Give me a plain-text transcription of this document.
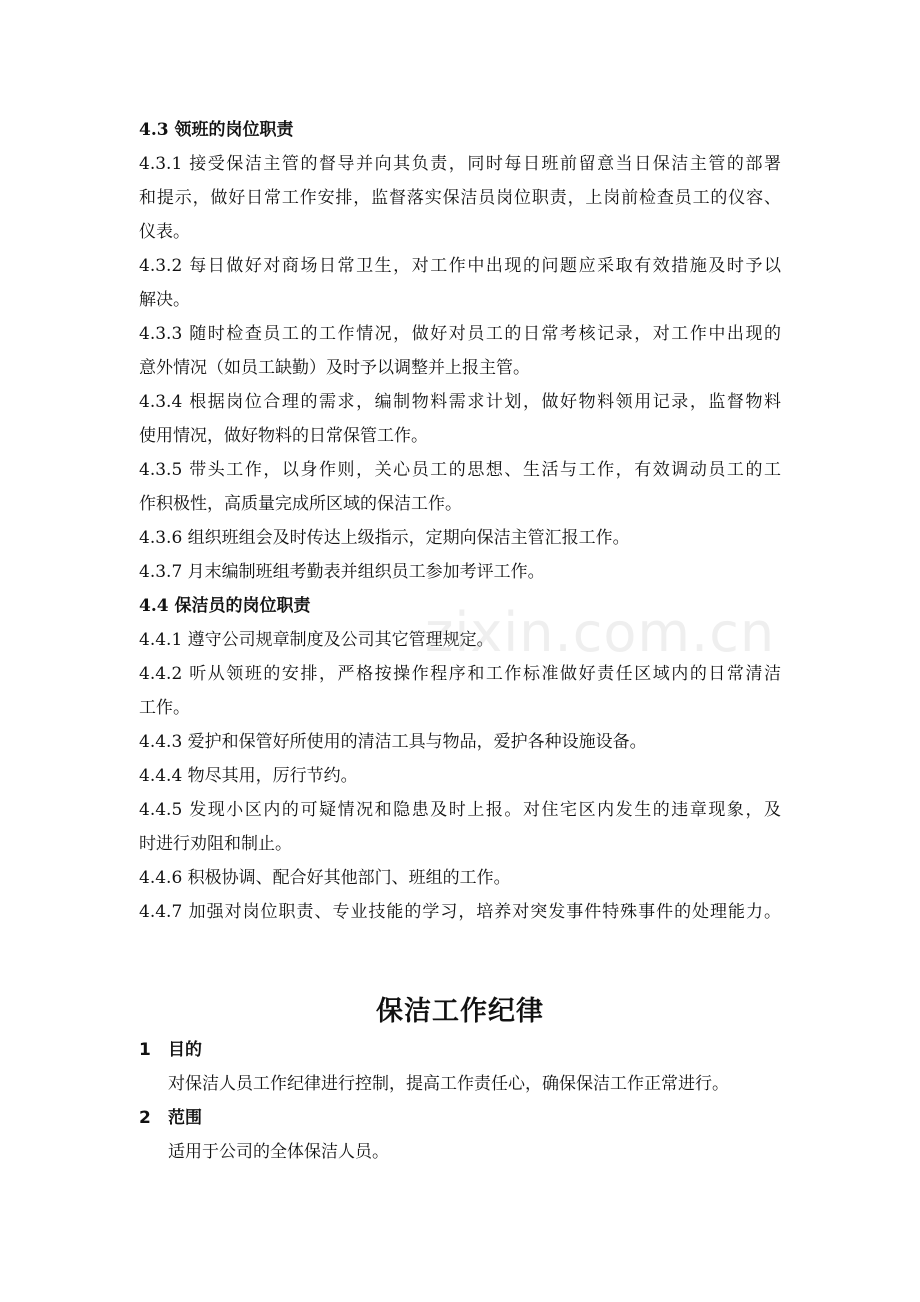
4.3 领班的岗位职责
4.3.1 接受保洁主管的督导并向其负责，同时每日班前留意当日保洁主管的部署
和提示，做好日常工作安排，监督落实保洁员岗位职责，上岗前检查员工的仪容、
仪表。
4.3.2 每日做好对商场日常卫生，对工作中出现的问题应采取有效措施及时予以
解决。
4.3.3 随时检查员工的工作情况，做好对员工的日常考核记录，对工作中出现的
意外情况（如员工缺勤）及时予以调整并上报主管。
4.3.4 根据岗位合理的需求，编制物料需求计划，做好物料领用记录，监督物料
使用情况，做好物料的日常保管工作。
4.3.5 带头工作，以身作则，关心员工的思想、生活与工作，有效调动员工的工
作积极性，高质量完成所区域的保洁工作。
4.3.6 组织班组会及时传达上级指示，定期向保洁主管汇报工作。
4.3.7 月末编制班组考勤表并组织员工参加考评工作。
4.4 保洁员的岗位职责
4.4.1 遵守公司规章制度及公司其它管理规定。
4.4.2 听从领班的安排，严格按操作程序和工作标准做好责任区域内的日常清洁
工作。
4.4.3 爱护和保管好所使用的清洁工具与物品，爱护各种设施设备。
4.4.4 物尽其用，厉行节约。
4.4.5 发现小区内的可疑情况和隐患及时上报。对住宅区内发生的违章现象，及
时进行劝阻和制止。
4.4.6 积极协调、配合好其他部门、班组的工作。
4.4.7 加强对岗位职责、专业技能的学习，培养对突发事件特殊事件的处理能力。
保洁工作纪律
1 目的
对保洁人员工作纪律进行控制，提高工作责任心，确保保洁工作正常进行。
2 范围
适用于公司的全体保洁人员。
zixin.com.cn
